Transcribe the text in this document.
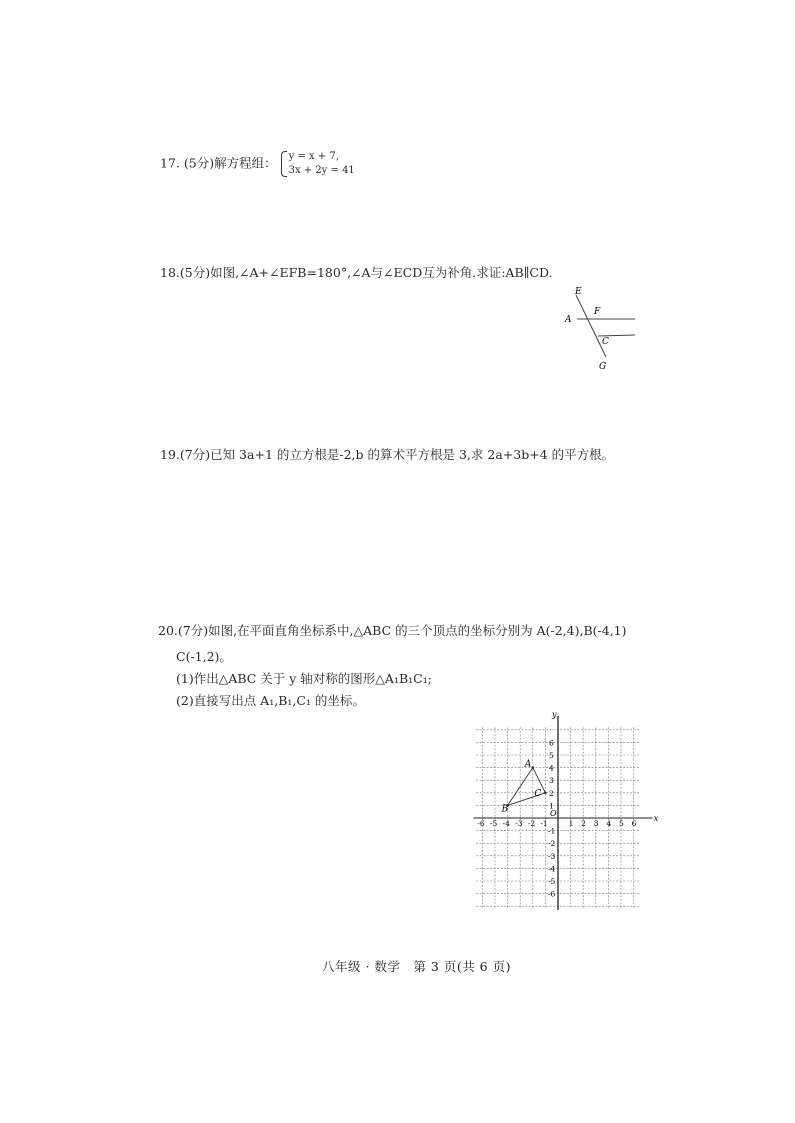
17. (5分)解方程组： y = x + 7,
3x + 2y = 41
18.(5分)如图,∠A+∠EFB=180°,∠A与∠ECD互为补角.求证:AB∥CD.
E
A
F
C
G
19.(7分)已知 3a+1 的立方根是-2,b 的算术平方根是 3,求 2a+3b+4 的平方根。
20.(7分)如图,在平面直角坐标系中,△ABC 的三个顶点的坐标分别为 A(-2,4),B(-4,1)
C(-1,2)。
(1)作出△ABC 关于 y 轴对称的图形△A₁B₁C₁;
(2)直接写出点 A₁,B₁,C₁ 的坐标。
x
y
O
-6 -5 -4 -3 -2 -1	1 2 3 4 5 6
1
2
3
4
5
6
-1
-2
-3
-4
-5
-6
A
B
C
八年级 · 数学　第 3 页(共 6 页)
